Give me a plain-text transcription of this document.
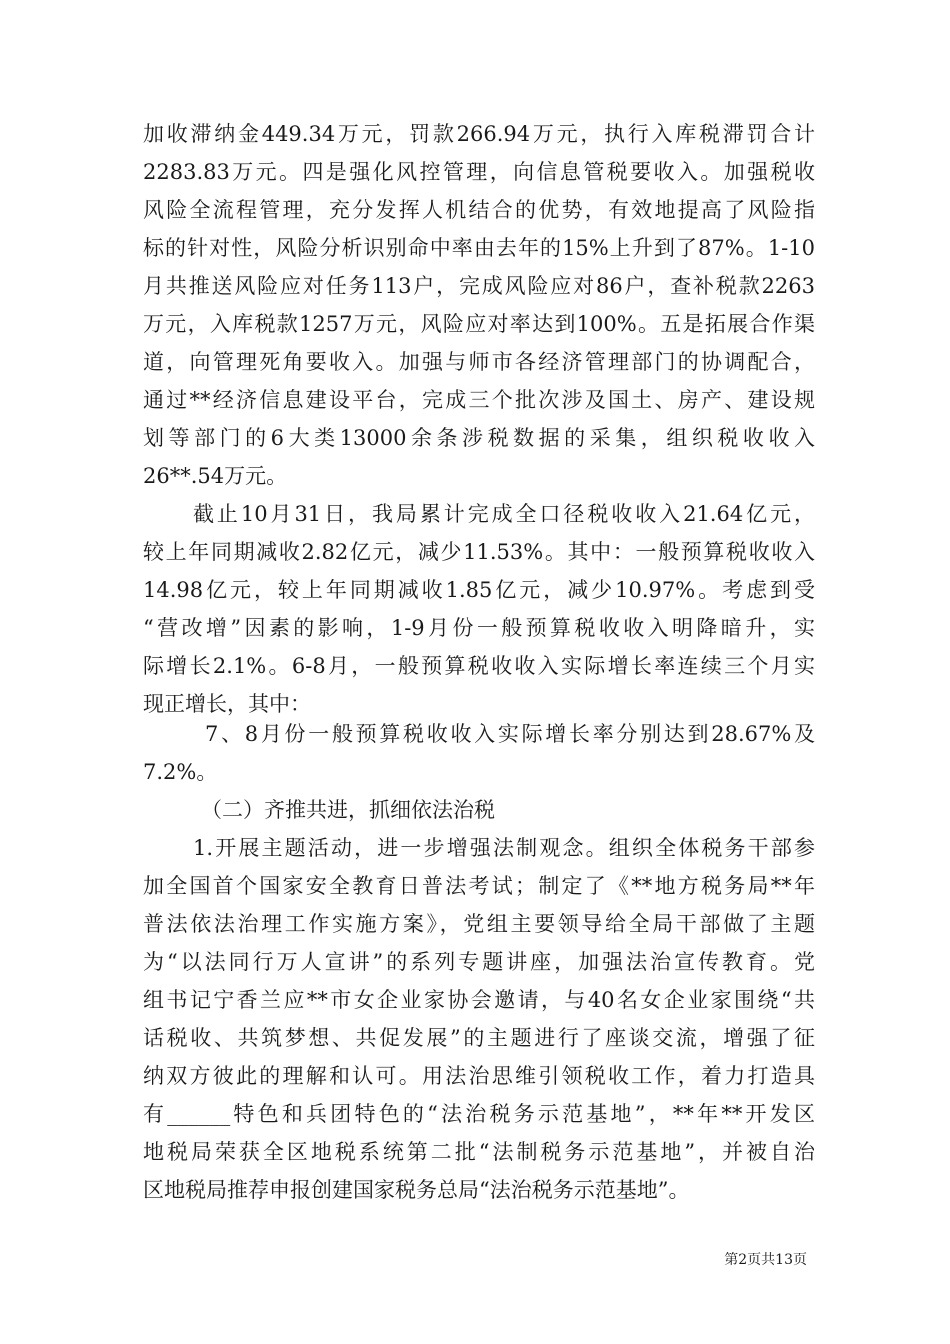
加收滞纳金449.34万元，罚款266.94万元，执行入库税滞罚合计
2283.83万元。四是强化风控管理，向信息管税要收入。加强税收
风险全流程管理，充分发挥人机结合的优势，有效地提高了风险指
标的针对性，风险分析识别命中率由去年的15%上升到了87%。1-10
月共推送风险应对任务113户，完成风险应对86户，查补税款2263
万元，入库税款1257万元，风险应对率达到100%。五是拓展合作渠
道，向管理死角要收入。加强与师市各经济管理部门的协调配合，
通过**经济信息建设平台，完成三个批次涉及国土、房产、建设规
划等部门的6大类13000余条涉税数据的采集，组织税收收入
26**.54万元。
截止10月31日，我局累计完成全口径税收收入21.64亿元，
较上年同期减收2.82亿元，减少11.53%。其中：一般预算税收收入
14.98亿元，较上年同期减收1.85亿元，减少10.97%。考虑到受
“营改增”因素的影响，1-9月份一般预算税收收入明降暗升，实
际增长2.1%。6-8月，一般预算税收收入实际增长率连续三个月实
现正增长，其中：
7、8月份一般预算税收收入实际增长率分别达到28.67%及
7.2%。
（二）齐推共进，抓细依法治税
1.开展主题活动，进一步增强法制观念。组织全体税务干部参
加全国首个国家安全教育日普法考试；制定了《**地方税务局**年
普法依法治理工作实施方案》，党组主要领导给全局干部做了主题
为“以法同行万人宣讲”的系列专题讲座，加强法治宣传教育。党
组书记宁香兰应**市女企业家协会邀请，与40名女企业家围绕“共
话税收、共筑梦想、共促发展”的主题进行了座谈交流，增强了征
纳双方彼此的理解和认可。用法治思维引领税收工作，着力打造具
有______特色和兵团特色的“法治税务示范基地”，**年**开发区
地税局荣获全区地税系统第二批“法制税务示范基地”，并被自治
区地税局推荐申报创建国家税务总局“法治税务示范基地”。
第2页共13页
